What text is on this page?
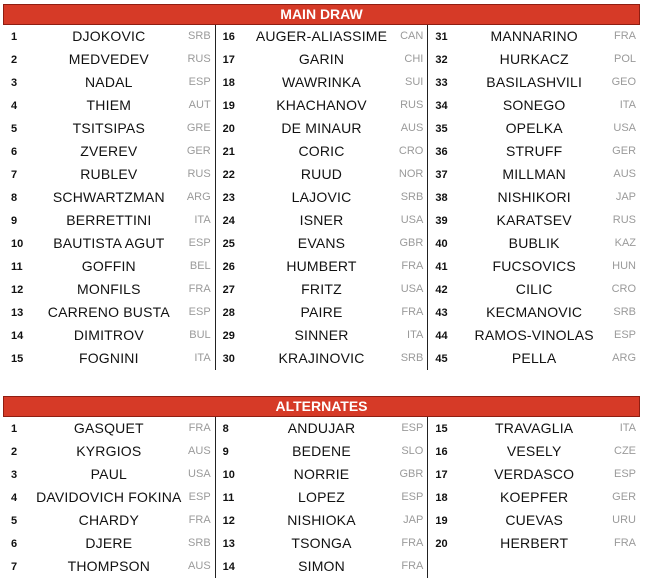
MAIN DRAW
1	DJOKOVIC	SRB
2	MEDVEDEV	RUS
3	NADAL	ESP
4	THIEM	AUT
5	TSITSIPAS	GRE
6	ZVEREV	GER
7	RUBLEV	RUS
8	SCHWARTZMAN	ARG
9	BERRETTINI	ITA
10	BAUTISTA AGUT	ESP
11	GOFFIN	BEL
12	MONFILS	FRA
13	CARRENO BUSTA	ESP
14	DIMITROV	BUL
15	FOGNINI	ITA
16	AUGER-ALIASSIME	CAN
17	GARIN	CHI
18	WAWRINKA	SUI
19	KHACHANOV	RUS
20	DE MINAUR	AUS
21	CORIC	CRO
22	RUUD	NOR
23	LAJOVIC	SRB
24	ISNER	USA
25	EVANS	GBR
26	HUMBERT	FRA
27	FRITZ	USA
28	PAIRE	FRA
29	SINNER	ITA
30	KRAJINOVIC	SRB
31	MANNARINO	FRA
32	HURKACZ	POL
33	BASILASHVILI	GEO
34	SONEGO	ITA
35	OPELKA	USA
36	STRUFF	GER
37	MILLMAN	AUS
38	NISHIKORI	JAP
39	KARATSEV	RUS
40	BUBLIK	KAZ
41	FUCSOVICS	HUN
42	CILIC	CRO
43	KECMANOVIC	SRB
44	RAMOS-VINOLAS	ESP
45	PELLA	ARG
ALTERNATES
1	GASQUET	FRA
2	KYRGIOS	AUS
3	PAUL	USA
4	DAVIDOVICH FOKINA ESP
5	CHARDY	FRA
6	DJERE	SRB
7	THOMPSON	AUS
8	ANDUJAR	ESP
9	BEDENE	SLO
10	NORRIE	GBR
11	LOPEZ	ESP
12	NISHIOKA	JAP
13	TSONGA	FRA
14	SIMON	FRA
15	TRAVAGLIA	ITA
16	VESELY	CZE
17	VERDASCO	ESP
18	KOEPFER	GER
19	CUEVAS	URU
20	HERBERT	FRA
